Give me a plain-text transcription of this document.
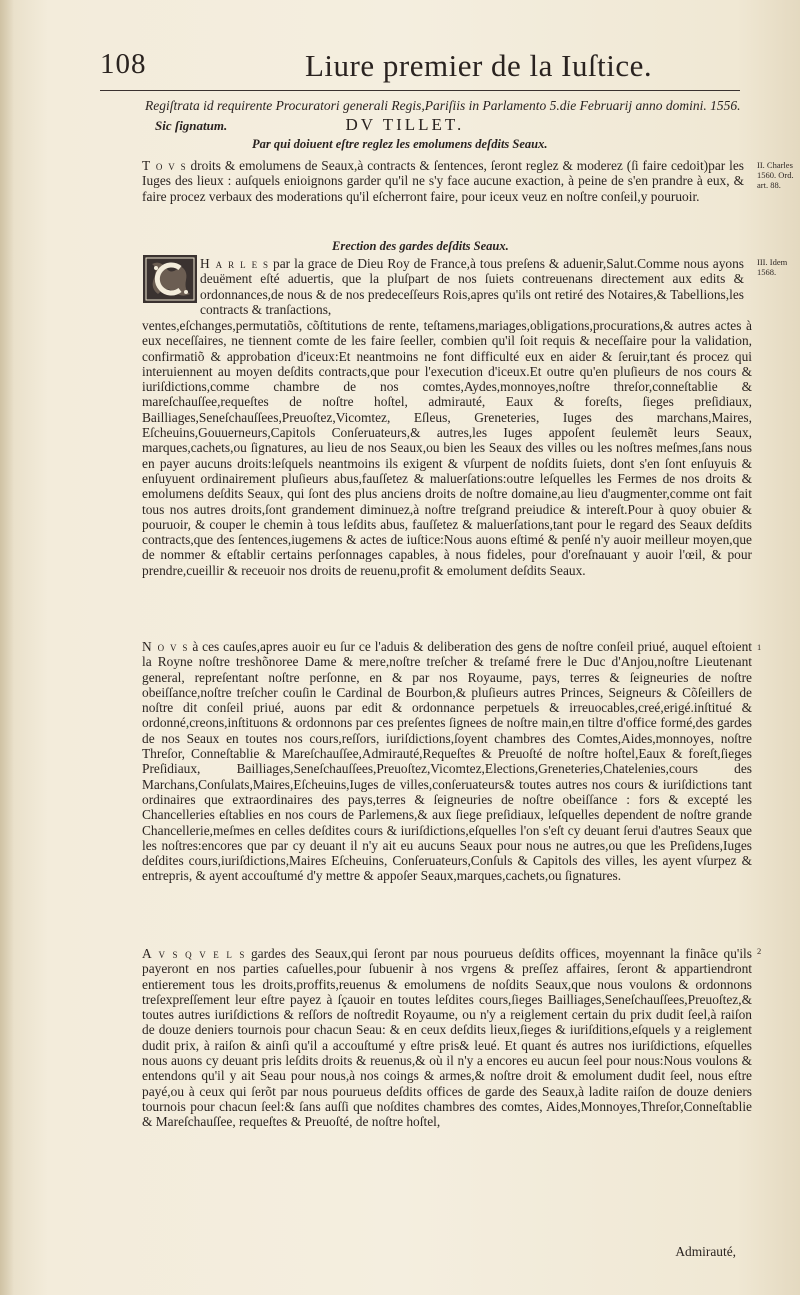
108	Liure premier de la Iuſtice.
Regiſtrata id requirente Procuratori generali Regis,Pariſiis in Parlamento 5.die Februarij anno domini. 1556.
Sic ſignatum.	DV TILLET.
Par qui doiuent eſtre reglez les emolumens deſdits Seaux.
T o v s droits & emolumens de Seaux,à contracts & ſentences, ſeront reglez & moderez (ſi faire cedoit)par les Iuges des lieux : auſquels enioignons garder qu'il ne s'y face aucune exaction, à peine de s'en prandre à eux, & faire procez verbaux des moderations qu'il eſcherront faire, pour iceux veuz en noſtre conſeil,y pouruoir.
II. Charles 1560. Ord. art. 88.
Erection des gardes deſdits Seaux.
H a r l e s par la grace de Dieu Roy de France,à tous preſens & aduenir,Salut.Comme nous ayons deuëment eſté aduertis, que la pluſpart de nos ſuiets contreuenans directement aux edits & ordonnances,de nous & de nos predeceſſeurs Rois,apres qu'ils ont retiré des Notaires,& Tabellions,les contracts & tranſactions,
ventes,eſchanges,permutatiõs, cõſtitutions de rente, teſtamens,mariages,obligations,procurations,& autres actes à eux neceſſaires, ne tiennent comte de les faire ſeeller, combien qu'il ſoit requis & neceſſaire pour la validation, confirmatiõ & approbation d'iceux:Et neantmoins ne font difficulté eux en aider & ſeruir,tant és procez qui interuiennent au moyen deſdits contracts,que pour l'execution d'iceux.Et outre qu'en pluſieurs de nos cours & iuriſdictions,comme chambre de nos comtes,Aydes,monnoyes,noſtre threſor,conneſtablie & mareſchauſſee,requeſtes de noſtre hoſtel, admirauté, Eaux & foreſts, ſieges preſidiaux, Bailliages,Seneſchauſſees,Preuoſtez,Vicomtez, Eſleus, Greneteries, Iuges des marchans,Maires, Eſcheuins,Gouuerneurs,Capitols Conſeruateurs,& autres,les Iuges appoſent ſeulemẽt leurs Seaux, marques,cachets,ou ſignatures, au lieu de nos Seaux,ou bien les Seaux des villes ou les noſtres meſmes,ſans nous en payer aucuns droits:leſquels neantmoins ils exigent & vſurpent de noſdits ſuiets, dont s'en ſont enſuyuis & enſuyuent ordinairement pluſieurs abus,fauſſetez & maluerſations:outre leſquelles les Fermes de nos droits & emolumens deſdits Seaux, qui ſont des plus anciens droits de noſtre domaine,au lieu d'augmenter,comme ont fait tous nos autres droits,ſont grandement diminuez,à noſtre treſgrand preiudice & intereſt.Pour à quoy obuier & pouruoir, & couper le chemin à tous leſdits abus, fauſſetez & maluerſations,tant pour le regard des Seaux deſdits contracts,que des ſentences,iugemens & actes de iuſtice:Nous auons eſtimé & penſé n'y auoir meilleur moyen,que de nommer & eſtablir certains perſonnages capables, à nous fideles, pour d'oreſnauant y auoir l'œil, & pour prendre,cueillir & receuoir nos droits de reuenu,profit & emolument deſdits Seaux.
III. Idem 1568.
N o v s à ces cauſes,apres auoir eu ſur ce l'aduis & deliberation des gens de noſtre conſeil priué, auquel eſtoient la Royne noſtre treshõnoree Dame & mere,noſtre treſcher & treſamé frere le Duc d'Anjou,noſtre Lieutenant general, repreſentant noſtre perſonne, en & par nos Royaume, pays, terres & ſeigneuries de noſtre obeiſſance,noſtre treſcher couſin le Cardinal de Bourbon,& pluſieurs autres Princes, Seigneurs & Cõſeillers de noſtre dit conſeil priué, auons par edit & ordonnance perpetuels & irreuocables,creé,erigé.inſtitué & ordonné,creons,inſtituons & ordonnons par ces preſentes ſignees de noſtre main,en tiltre d'office formé,des gardes de nos Seaux en toutes nos cours,reſſors, iuriſdictions,ſoyent chambres des Comtes,Aides,monnoyes, noſtre Threſor, Conneſtablie & Mareſchauſſee,Admirauté,Requeſtes & Preuoſté de noſtre hoſtel,Eaux & foreſt,ſieges Preſidiaux, Bailliages,Seneſchauſſees,Preuoſtez,Vicomtez,Elections,Greneteries,Chatelenies,cours des Marchans,Conſulats,Maires,Eſcheuins,Iuges de villes,conſeruateurs& toutes autres nos cours & iuriſdictions tant ordinaires que extraordinaires des pays,terres & ſeigneuries de noſtre obeiſſance : fors & excepté les Chancelleries eſtablies en nos cours de Parlemens,& aux ſiege preſidiaux, leſquelles dependent de noſtre grande Chancellerie,meſmes en celles deſdites cours & iuriſdictions,eſquelles l'on s'eſt cy deuant ſerui d'autres Seaux que les noſtres:encores que par cy deuant il n'y ait eu aucuns Seaux pour nous ne autres,ou que les Preſidens,Iuges deſdites cours,iuriſdictions,Maires Eſcheuins, Conſeruateurs,Conſuls & Capitols des villes, les ayent vſurpez & entrepris, & ayent accouſtumé d'y mettre & appoſer Seaux,marques,cachets,ou ſignatures.
1
A v s q v e l s gardes des Seaux,qui ſeront par nous pourueus deſdits offices, moyennant la finãce qu'ils payeront en nos parties caſuelles,pour ſubuenir à nos vrgens & preſſez affaires, ſeront & appartiendront entierement tous les droits,proffits,reuenus & emolumens de noſdits Seaux,que nous voulons & ordonnons treſexpreſſement leur eſtre payez à ſçauoir en toutes leſdites cours,ſieges Bailliages,Seneſchauſſees,Preuoſtez,& toutes autres iuriſdictions & reſſors de noſtredit Royaume, ou n'y a reiglement certain du prix dudit ſeel,à raiſon de douze deniers tournois pour chacun Seau: & en ceux deſdits lieux,ſieges & iuriſditions,eſquels y a reiglement dudit prix, à raiſon & ainſi qu'il a accouſtumé y eſtre pris& leué. Et quant és autres nos iuriſdictions, eſquelles nous auons cy deuant pris leſdits droits & reuenus,& où il n'y a encores eu aucun ſeel pour nous:Nous voulons & entendons qu'il y ait Seau pour nous,à nos coings & armes,& noſtre droit & emolument dudit ſeel, nous eſtre payé,ou à ceux qui ſerõt par nous pourueus deſdits offices de garde des Seaux,à ladite raiſon de douze deniers tournois pour chacun ſeel:& ſans auſſi que noſdites chambres des comtes, Aides,Monnoyes,Threſor,Conneſtablie & Mareſchauſſee, requeſtes & Preuoſté, de noſtre hoſtel,
2
Admirauté,
